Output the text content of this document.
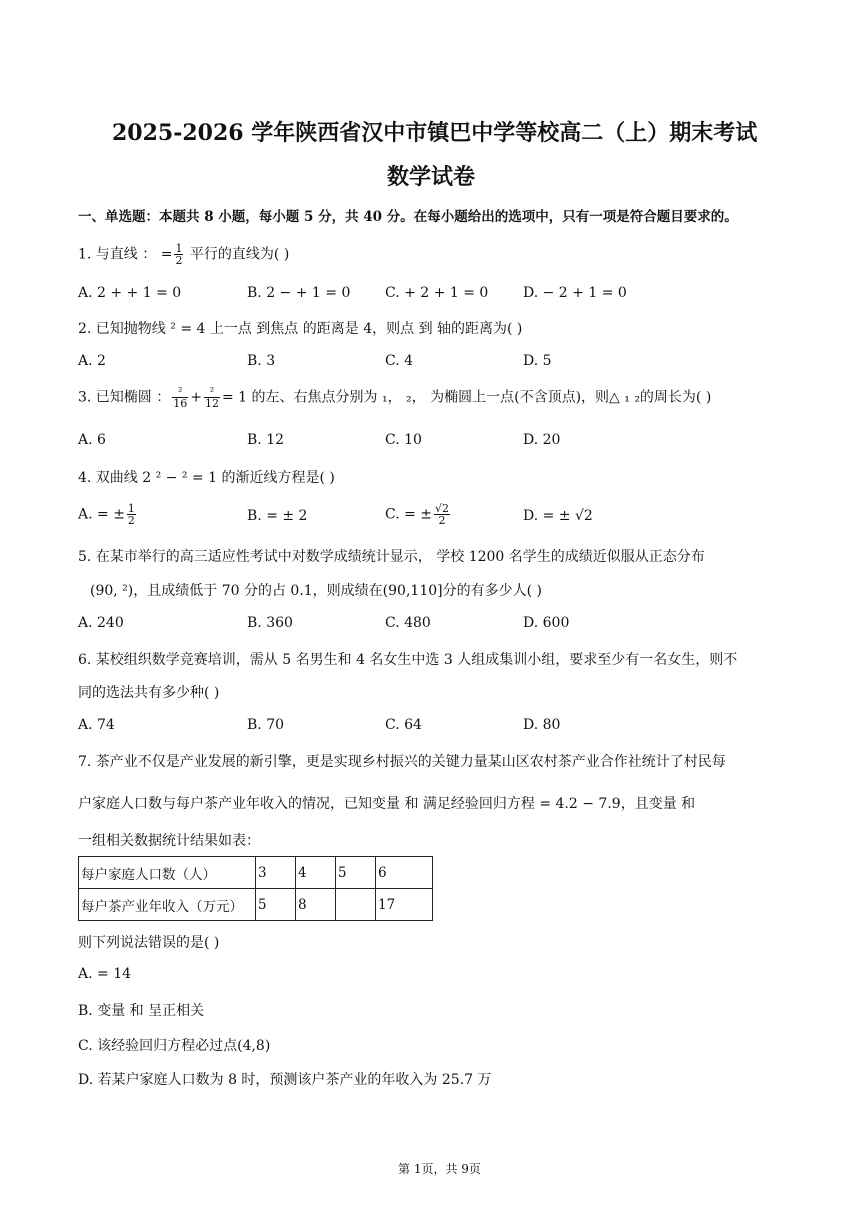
2025-2026 学年陕西省汉中市镇巴中学等校高二（上）期末考试
数学试卷
一、单选题：本题共 8 小题，每小题 5 分，共 40 分。在每小题给出的选项中，只有一项是符合题目要求的。
1. 与直线 ： = $\frac{1}{2}$ 平行的直线为( )
A. 2 + + 1 = 0	B. 2 − + 1 = 0 C. + 2 + 1 = 0 D. − 2 + 1 = 0
2. 已知抛物线 ² = 4 上一点 到焦点 的距离是 4，则点 到 轴的距离为( )
A. 2	B. 3	C. 4	D. 5
3. 已知椭圆 ： $\frac{\text{²}}{16} + \frac{\text{²}}{12} = 1$ 的左、右焦点分别为 ₁， ₂， 为椭圆上一点(不含顶点)，则△ ₁ ₂的周长为( )
A. 6	B. 12	C. 10	D. 20
4. 双曲线 2 ² − ² = 1 的渐近线方程是( )
A. = ± $\frac{1}{2}$	B. = ± 2	C. = ± $\frac{√2}{2}$	D. = ± √2
5. 在某市举行的高三适应性考试中对数学成绩统计显示， 学校 1200 名学生的成绩近似服从正态分布
(90, ²)，且成绩低于 70 分的占 0.1，则成绩在(90,110]分的有多少人( )
A. 240	B. 360	C. 480	D. 600
6. 某校组织数学竞赛培训，需从 5 名男生和 4 名女生中选 3 人组成集训小组，要求至少有一名女生，则不
同的选法共有多少种( )
A. 74	B. 70	C. 64	D. 80
7. 茶产业不仅是产业发展的新引擎，更是实现乡村振兴的关键力量某山区农村茶产业合作社统计了村民每
户家庭人口数与每户茶产业年收入的情况，已知变量 和 满足经验回归方程 = 4.2 − 7.9，且变量 和
一组相关数据统计结果如表：
每户家庭人口数（人）	3	4	5	6
每户茶产业年收入（万元）	5	8		17
则下列说法错误的是( )
A. = 14
B. 变量 和 呈正相关
C. 该经验回归方程必过点(4,8)
D. 若某户家庭人口数为 8 时，预测该户茶产业的年收入为 25.7 万
第 1页，共 9页
